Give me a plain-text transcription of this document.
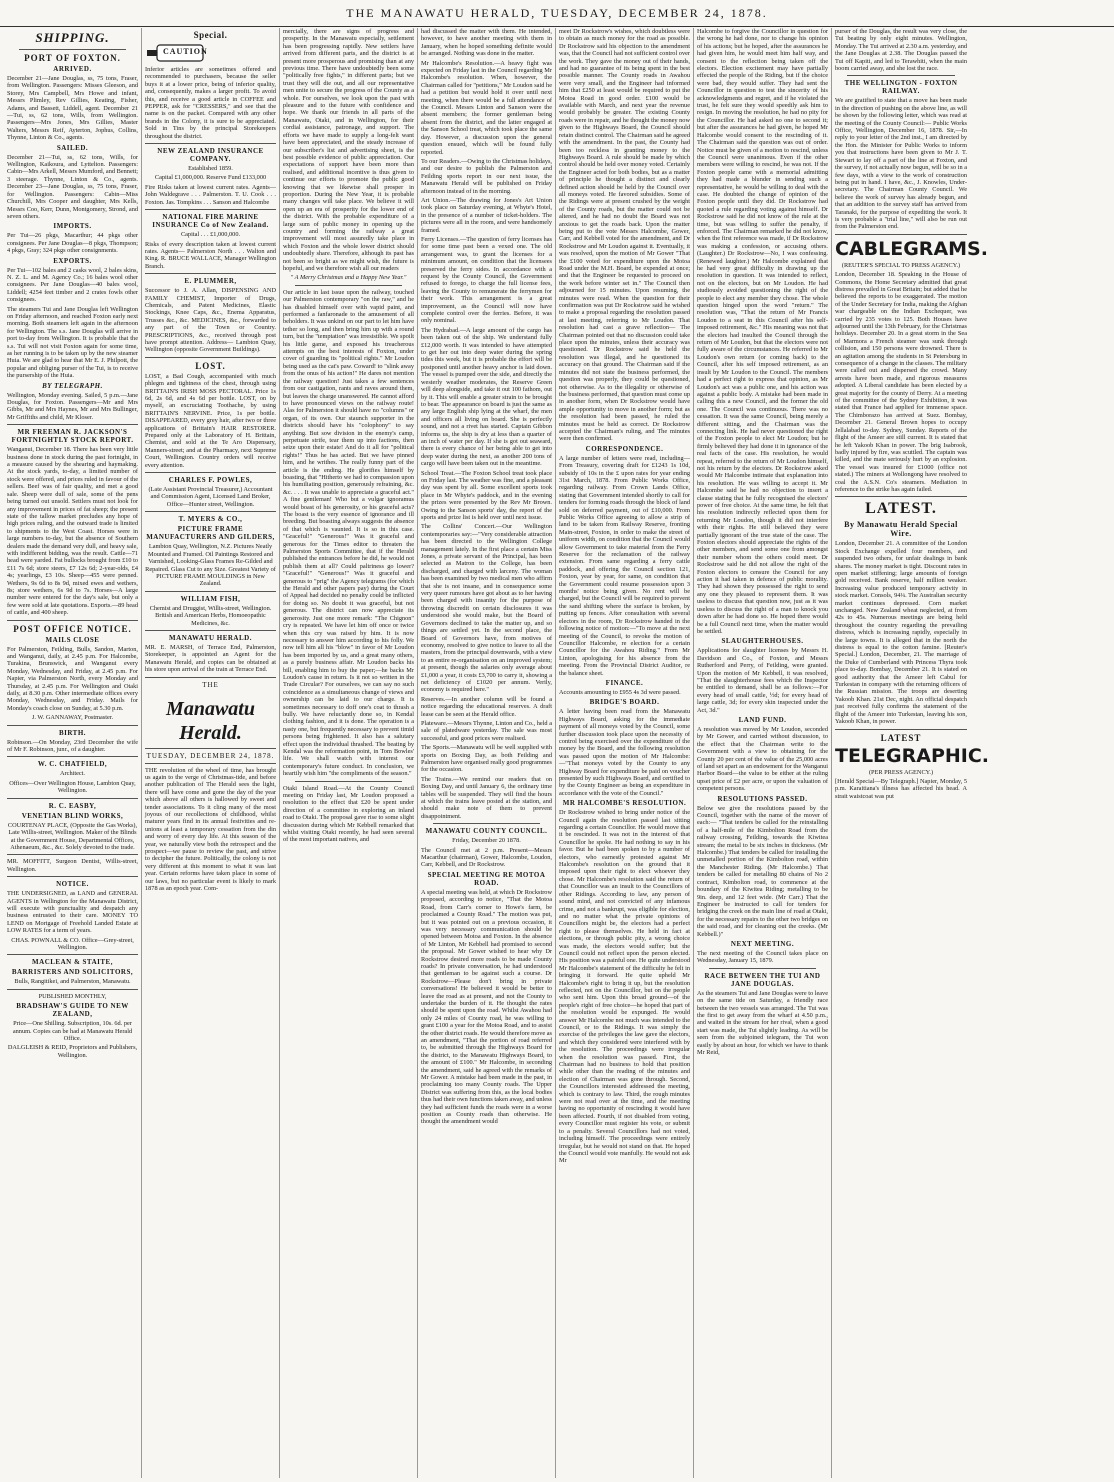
THE MANAWATU HERALD, TUESDAY, DECEMBER 24, 1878.
SHIPPING.
PORT OF FOXTON.
ARRIVED.

December 21—Jane Douglas, ss, 75 tons, Fraser, from Wellington. Passengers: Misses Gleeson, and Storey, Mrs Campbell, Mrs Howe and infant, Messrs Plimley, Rev Gillies, Keating, Fisher, Adams, and Bassett, Liddell, agent. December 21—Tui, ss, 62 tons, Wills, from Wellington. Passengers—Mrs Jones, Mrs Gillies, Master Walters, Messrs Reif, Ayterton, Jophus, Collins, Thynne, Linton & Co., agents.

SAILED.

December 21—Tui, ss, 62 tons, Wills, for Wellington, Kaikoura, and Lyttelton. Passengers: Cabin—Mrs Arkell, Messrs Mumford, and Bennett; 3 steerage. Thynne, Linton & Co., agents. December 23—Jane Douglas, ss, 75 tons, Fraser, for Wellington. Passengers: Cabin—Miss Churchill, Mrs Cooper and daughter, Mrs Kells, Messrs Coo, Kerr, Dunn, Montgomery, Strond, and seven others.

IMPORTS.

Per Tui—26 pkgs, Macarthur; 44 pkgs other consignees. Per Jane Douglas—8 pkgs, Thompson; 4 pkgs, Gray; 324 pkgs other consignments.

EXPORTS.

Per Tui—102 bales and 2 casks wool, 2 bales skins, N. Z. L. and M. Agency Co.; 16 bales wool other consignees. Per Jane Douglas—40 bales wool, Liddell; 4254 feet timber and 2 crates fowls other consignees.

The steamers Tui and Jane Douglas left Wellington on Friday afternoon, and reached Foxton early next morning. Both steamers left again in the afternoon for Wellington. The s.s. Jane Douglas will arrive in port to-day from Wellington. It is probable that the s.s. Tui will not visit Foxton again for some time, as her running is to be taken up by the new steamer Huia. We are glad to hear that Mr E. J. Philpott, the popular and obliging purser of the Tui, is to receive the pursership of the Huia.

BY TELEGRAPH.

Wellington, Monday evening. Sailed, 5 p.m.—Jane Douglas, for Foxton. Passengers—Mr and Mrs Gibbs, Mr and Mrs Haynes, Mr and Mrs Bullinger, Mr Griffiths and child, Mr Kloser.

MR FREEMAN R. JACKSON'S FORTNIGHTLY STOCK REPORT.

Wanganui, December 18. There has been very little business done in stock during the past fortnight, in a measure caused by the shearing and haymaking. At the stock yards, to-day, a limited number of stock were offered, and prices ruled in favour of the sellers. Beef was of fair quality, and met a good sale. Sheep were dull of sale, some of the pens being turned out unsold. Settlers must not look for any improvement in prices of fat sheep; the present state of the tallow market precludes any hope of high prices ruling, and the outward trade is limited to shipments to the West Coast. Horses were in large numbers to-day, but the absence of Southern dealers made the demand very dull, and heavy sale, with indifferent bidding, was the result. Cattle—71 head were yarded. Fat bullocks brought from £10 to £11 7s 6d; store steers, £7 12s 6d; 2-year-olds, £4 4s; yearlings, £3 10s. Sheep—455 were penned. Wethers, 9s 6d to 8s 9d, mixed ewes and wethers, 8s; store wethers, 6s 9d to 7s. Horses—A large number were entered for the day's sale, but only a few were sold at late quotations. Exports.—89 head of cattle, and 400 sheep.

POST OFFICE NOTICE.
MAILS CLOSE

For Palmerston, Feilding, Bulls, Sandon, Marton, and Wanganui, daily, at 2.45 p.m. For Halcombe, Turakina, Brunswick, and Wanganui every Monday, Wednesday, and Friday, at 2.45 p.m. For Napier, via Palmerston North, every Monday and Thursday, at 2.45 p.m. For Wellington and Otaki daily, at 8.30 p.m. Other intermediate offices every Monday, Wednesday, and Friday. Mails for Monday's coach close on Sunday, at 5.30 p.m.

J. W. GANNAWAY, Postmaster.

BIRTH.

Robinson.—On Monday, 23rd December the wife of Mr F. Robinson, junr., of a daughter.

W. C. CHATFIELD,

Architect.

Offices—Over Wellington House, Lambton Quay, Wellington.

R. C. EASBY,
VENETIAN BLIND WORKS,

COURTENAY PLACE, (Opposite the Gas Works), Late Willis-street, Wellington. Maker of the Blinds at the Government House, Departmental Offices, Athenaeum, &c., &c. Solely devoted to the trade.

MR. MOFFITT, Surgeon Dentist, Willis-street, Wellington.

NOTICE.

THE UNDERSIGNED, as LAND and GENERAL AGENTS in Wellington for the Manawatu District, will execute with punctuality and despatch any business entrusted to their care. MONEY TO LEND on Mortgage of Freehold Landed Estate at LOW RATES for a term of years.

CHAS. POWNALL & CO. Office—Grey-street, Wellington.

MACLEAN & STAITE,
BARRISTERS AND SOLICITORS,

Bulls, Rangitikei, and Palmerston, Manawatu.

PUBLISHED MONTHLY,

BRADSHAW'S GUIDE TO NEW ZEALAND,

Price—One Shilling. Subscription, 10s. 6d. per annum. Copies can be had at Manawatu Herald Office.

DALGLEISH & REID, Proprietors and Publishers, Wellington.

Special.
CAUTION

Inferior articles are sometimes offered and recommended to purchasers, because the seller buys it at a lower price, being of inferior quality, and, consequently, makes a larger profit. To avoid this, and receive a good article in COFFEE and PEPPER, ask for "CRESSERS," and see that the name is on the packet. Compared with any other brands in the Colony, it is sure to be appreciated. Sold in Tins by the principal Storekeepers throughout the district.

NEW ZEALAND INSURANCE COMPANY.

Established 1859.

Capital £1,000,000. Reserve Fund £133,000

Fire Risks taken at lowest current rates. Agents— John Waldegrave . . . Palmerston. T. U. Cook . . . Foxton. Jas. Tompkins . . . Sanson and Halcombe

NATIONAL FIRE MARINE INSURANCE Co of New Zealand.

Capital . . . £1,000,000.

Risks of every description taken at lowest current rates. Agents— Palmerston North . . . Walton and King. R. BRUCE WALLACE, Manager Wellington Branch.

E. PLUMMER,

Successor to J. A. Allan, DISPENSING AND FAMILY CHEMIST, Importer of Drugs, Chemicals, and Patent Medicines, Elastic Stockings, Knee Caps, &c., Enema Apparatus, Trusses &c., &c. MEDICINES, &c., forwarded to any part of the Town or Country. PRESCRIPTIONS, &c., received through post have prompt attention. Address— Lambton Quay, Wellington (opposite Government Buildings).

LOST.

LOST, a Bad Cough, accompanied with much phlegm and tightness of the chest, through using BRITTAIN'S IRISH MOSS PECTORAL. Price 1s 6d, 2s 6d, and 4s 6d per bottle. LOST, on by myself, an excruciating Toothache, by using BRITTAIN'S NERVINE. Price, 1s per bottle. DISAPPEARED, every grey hair, after two or three applications of Brittain's HAIR RESTORER. Prepared only at the Laboratory of H. Brittain, Chemist, and sold at the Te Aro Dispensary, Manners-street; and at the Pharmacy, next Supreme Court, Wellington. Country orders will receive every attention.

CHARLES F. POWLES,

(Late Assistant Provincial Treasurer,) Accountant and Commission Agent, Licensed Land Broker, Office—Hunter street, Wellington.

T. MYERS & CO.,
PICTURE FRAME MANUFACTURERS AND GILDERS,

Lambton Quay, Wellington, N.Z. Pictures Neatly Mounted and Framed. Oil Paintings Restored and Varnished, Looking-Glass Frames Re-Gilded and Repaired. Glass Cut to any Size. Greatest Variety of PICTURE FRAME MOULDINGS in New Zealand.

WILLIAM FISH,

Chemist and Druggist, Willis-street, Wellington. British and American Herbs, Homoeopathic Medicines, &c.

MANAWATU HERALD.

MR. E. MARSH, of Terrace End, Palmerston, Storekeeper, is appointed an Agent for the Manawatu Herald, and copies can be obtained at his store upon arrival of the train at Terrace End.

THE
Manawatu Herald.
TUESDAY, DECEMBER 24, 1878.

THE revolution of the wheel of time, has brought us again to the verge of Christmas-tide, and before another publication of The Herald sees the light, there will have come and gone the day of the year which above all others is hallowed by sweet and tender associations. To it cling many of the most joyous of our recollections of childhood, whilst maturer years find in its annual festivities and re-unions at least a temporary cessation from the din and worry of every day life. At this season of the year, we naturally view both the retrospect and the prospect—we pause to review the past, and strive to decipher the future. Politically, the colony is not very different at this moment to what it was last year. Certain reforms have taken place in some of our laws, but no particular event is likely to mark 1878 as an epoch year. Com-

mercially, there are signs of progress and prosperity. In the Manawatu especially, settlement has been progressing rapidly. New settlers have arrived from different parts, and the district is at present more prosperous and promising than at any previous time. There have undoubtedly been some "politically free fights," in different parts; but we trust they will die out, and all our representative men unite to secure the progress of the County as a whole. For ourselves, we look upon the past with pleasure and to the future with confidence and hope. We thank our friends in all parts of the Manawatu, Otaki, and in Wellington, for their cordial assistance, patronage, and support. The efforts we have made to supply a long-felt want have been appreciated, and the steady increase of our subscriber's list and advertising sheet, is the best possible evidence of public appreciation. Our expectations of support have been more than realised, and additional incentive is thus given to continue our efforts to promote the public good knowing that we likewise shall prosper in proportion. During the New Year, it is probable many changes will take place. We believe it will open up an era of prosperity for the lower end of the district. With the probable expenditure of a large sum of public money in opening up the country and forming the railway a great improvement will most assuredly take place in which Foxton and the whole lower district should undoubtedly share. Therefore, although its past has not been so bright as we might wish, the future is hopeful, and we therefore wish all our readers

" A Merry Christmas and a Happy New Year."

Our article in last issue upon the railway, touched our Palmerston contemporary "on the raw," and he has disabled himself over with vapid paint, and performed a fanfaronade to the amusement of all beholders. It was unkind on our part to let him have tether so long, and then bring him up with a round turn, but the "temptation" was irresistible. We spoilt his little game, and exposed his treacherous attempts on the best interests of Foxton, under cover of guarding its "political rights." Mr Loudon being used as the cat's paw. Coward! to "slink away from the onus of his action!" He dares not mention the railway question! Just takes a few sentences from our castigation, rants and raves around them, but leaves the charge unanswered. He cannot afford to have pronounced views on the railway route! Alas for Palmerston it should have no "columns" or organ, of its own. Our staunch supporter in the districts should have his "colophony" to say anything. But sow division in the enemy's camp, perpetuate strife, tear them up into factions, then seize upon their estate! And do it all for "political rights!" Thus he has acted. But we have pinned him, and he writhes. The really funny part of the article is the ending. He glorifies himself by boasting, that "Hitherto we had to compassion upon his humiliating position, generously refraining, &c. &c. . . . It was unable to appreciate a graceful act." A fine gentleman! Who but a vulgar ignoramus would boast of his generosity, or his graceful acts? The boast is the very essence of ignorance and ill breeding. But boasting always suggests the absence of that which is vaunted. It is so in this case. "Graceful!" "Generous!" Was it graceful and generous for the Times editor to threaten the Palmerston Sports Committee, that if the Herald published the entrances before he did, he would not publish them at all? Could paltriness go lower? "Graceful!" "Generous!" Was it graceful and generous to "prig" the Agency telegrams (for which the Herald and other papers pay) during the Court of Appeal had decided no penalty could be inflicted for doing so. No doubt it was graceful, but not generous. The district can now appreciate its generosity. Just one more remark: "The Chignon" cry is repeated. We have let him off once or twice when this cry was raised by him. It is now necessary to answer him according to his folly. We now tell him all his "blow" in favor of Mr Loudon has been imported by us, and a great many others, as a purely business affair. Mr Loudon backs his bill, enabling him to buy the paper;—he backs Mr Loudon's cause in return. Is it not so written in the Trade Circular? For ourselves, we can say no such coincidence as a simultaneous change of views and ownership can be laid to our charge. It is sometimes necessary to doff one's coat to thrash a bully. We have reluctantly done so, in Kendal clothing fashion, and it is done. The operation is a nasty one, but frequently necessary to prevent timid persons being frightened. It also has a salutary effect upon the individual thrashed. The beating by Kendal was the reformation point, in Tom Bowles' life. We shall watch with interest our contemporary's future conduct. In conclusion, we heartily wish him "the compliments of the season."

Otaki Island Road.—At the County Council meeting on Friday last, Mr Loudon proposed a resolution to the effect that £20 be spent under direction of a committee in exploring an inland road to Otaki. The proposal gave rise to some slight discussion during which Mr Kebbell remarked that whilst visiting Otaki recently, he had seen several of the most important natives, and

had discussed the matter with them. He intended, however, to have another meeting with them in January, when he hoped something definite would be arranged. Nothing was done in the matter.

Mr Halcombe's Resolution.—A heavy fight was expected on Friday last in the Council regarding Mr Halcombe's resolution. When, however, the Chairman called for "petitions," Mr Loudon said he had a petition but would hold it over until next meeting, when there would be a full attendance of the Council. Messrs Linton and Sanson were the absent members; the former gentleman being absent from the district, and the latter engaged at the Sanson School treat, which took place the same day. However, a discussion upon the general question ensued, which will be found fully reported.

To our Readers.—Owing to the Christmas holidays, and our desire to publish the Palmerston and Feilding sports report in our next issue, the Manawatu Herald will be published on Friday afternoon instead of in the morning.

Art Union.—The drawing for Jones's Art Union took place on Saturday evening, at Whyte's Hotel, in the presence of a number of ticket-holders. The pictures were all in the room, and were handsomely framed.

Ferry Licenses.—The question of ferry licenses has for some time past been a vexed one. The old arrangement was, to grant the licenses for a minimum amount, on condition that the licensees preserved the ferry sides. In accordance with a request by the County Council, the Government refused to forego, to charge the full license fees, leaving the County to remunerate the ferrymen for their work. This arrangement is a great improvement, as the Council will now have complete control over the ferries. Before, it was only nominal.

The Hydrabad.—A large amount of the cargo has been taken out of the ship. We understand fully £12,000 worth. It was intended to have attempted to get her out into deep water during the spring tides this week, but it is probable the effort will be postponed until another heavy anchor is laid down. The vessel is pumped over the side, and directly the westerly weather moderates, the Reserve Green will deep alongside, and take it out 100 fathom, out by it. This will enable a greater strain to be brought to bear. The appearance on board is just the same as any large English ship lying at the wharf, the men and officers all living on board. She is perfectly sound, and not a rivet has started. Captain Gibbon informs us, the ship is dry at less than a quarter of an inch of water per day. If she is got out seaward, there is every chance of her being able to get into deep water during the next, as another 200 tons of cargo will have been taken out in the meantime.

School Treat.—The Foxton School treat took place on Friday last. The weather was fine, and a pleasant day was spent by all. Some excellent sports took place in Mr Whyte's paddock, and in the evening the prizes were presented by the Rev Mr Brown. Owing to the Sanson sports' day, the report of the sports and prize list is held over until next issue.

The Collins' Concert.—Our Wellington contemporaries say:—"Very considerable attraction has been directed to the Wellington College management lately. In the first place a certain Miss Jones, a private servant of the Principal, has been selected as Matron to the College, has been discharged, and charged with larceny. The woman has been examined by two medical men who affirm that she is not insane, and in consequence some very queer rumours have got about as to her having been charged with insanity for the purpose of throwing discredit on certain disclosures it was understood she would make, but the Board of Governors declined to take the matter up, and so things are settled yet. In the second place, the Board of Governors have, from motives of economy, resolved to give notice to leave to all the masters, from the principal downwards, with a view to an entire re-organisation on an improved system; at present, though the salaries only average about £1,000 a year, it costs £3,700 to carry it, showing a net deficiency of £1020 per annum. Verily, economy is required here."

Reserves.—In another column will be found a notice regarding the educational reserves. A draft lease can be seen at the Herald office.

Plateware.—Messrs Thynne, Linton and Co., held a sale of platedware yesterday. The sale was most successful, and good prices were realised.

The Sports.—Manawatu will be well supplied with sports on Boxing Day, as both Feilding and Palmerston have organised really good programmes for the occasion.

The Trains.—We remind our readers that on Boxing Day, and until January 6, the ordinary time tables will be suspended. They will find the hours at which the trains leave posted at the station, and should make note of them to prevent disappointment.

MANAWATU COUNTY COUNCIL.

Friday, December 20 1878.

The Council met at 2 p.m. Present—Messrs Macarthur (chairman), Gower, Halcombe, Loudon, Carr, Kebbell, and Dr Rockstrow.

SPECIAL MEETING RE MOTOA ROAD.

A special meeting was held, at which Dr Rockstrow proposed, according to notice, "That the Motoa Road, from Carr's corner to Howe's farm, be proclaimed a County Road." The motion was put, but it was pointed out on a previous occasion, it was very necessary communication should be opened between Motoa and Foxton. In the absence of Mr Linton, Mr Kebbell had promised to second the proposal. Mr Gower wished to hear why Dr Rockstrow desired more roads to be made County roads? In private conversation, he had understood that gentleman to be against such a course. Dr Rockstrow—Please don't bring in private conversations! He believed it would be better to leave the road as at present, and not the County to undertake the burden of it. He thought the rates should be spent upon the road. Whilst Awahou had only 24 miles of County road, he was willing to grant £100 a year for the Motoa Road, and to assist the other district roads. He would therefore move as an amendment, "That the portion of road referred to, be submitted through the Highways Board for the district, to the Manawatu Highways Board, to the amount of £100." Mr Halcombe, in seconding the amendment, said he agreed with the remarks of Mr Gower. A mistake had been made in the past, in proclaiming too many County roads. The Upper District was suffering from this, as the local bodies thus had their own functions taken away, and unless they had sufficient funds the roads were in a worse position as County roads than otherwise. He thought the amendment would

meet Dr Rockstrow's wishes, which doubtless were to obtain as much money for the road as possible. Dr Rockstrow said his objection to the amendment was, that the Council had not sufficient control over the work. They gave the money out of their hands, and had no guarantee of its being spent in the best possible manner. The County roads in Awahou were very small, and the Engineer had informed him that £250 at least would be required to put the Motoa Road in good order. £100 would be available with March, and next year the revenue would probably be greater. The existing County roads were in repair, and he thought the money now given to the Highways Board, the Council should retain distinct control. The Chairman said he agreed with the amendment. In the past, the County had been too reckless in granting money to the Highways Board. A rule should be made by which control should be held over money voted. Certainly the Engineer acted for both bodies, but as a matter of principle he thought a distinct and clearly defined action should be held by the Council over all moneys voted. He favored subsidies. Some of the Ridings were at present crushed by the weight of the County roads, but the matter could not be altered, and he had no doubt the Board was not anxious to get the roads back. Upon the matter being put to the vote Messrs Halcombe, Gower, Carr, and Kebbell voted for the amendment, and Dr Rockstrow and Mr Loudon against it. Eventually, it was resolved, upon the motion of Mr Gower "That the £100 voted for expenditure upon the Motoa Road under the M.H. Board, be expended at once; and that the Engineer be requested to proceed on the work before winter set in." The Council then adjourned for 15 minutes. Upon resuming, the minutes were read. When the question for their confirmation was put Dr Rockstrow said he wished to make a proposal regarding the resolution passed at last meeting, referring to Mr Loudon. That resolution had cast a grave reflection— The Chairman pointed out that no discussion could take place upon the minutes, unless their accuracy was questioned. Dr Rockstrow said he held the resolution was illegal, and he questioned its accuracy on that ground. The Chairman said if the minutes did not state the business performed, the question was properly, they could be questioned, not otherwise. As to the illegality or otherwise of the business performed, that question must come up in another form, when Dr Rockstrow would have ample opportunity to move in another form; but as the resolution had been passed, he ruled the minutes must be held as correct. Dr Rockstrow accepted the Chairman's ruling, and The minutes were then confirmed.

CORRESPONDENCE.

A large number of letters were read, including— From Treasury, covering draft for £1243 1s 10d, subsidy of 10s in the £ upon rates for year ending 31st March, 1878. From Public Works Office, regarding railway. From Crown Lands Office, stating that Government intended shortly to call for tenders for forming roads through the block of land sold on deferred payment, out of £10,000. From Public Works Office agreeing to allow a strip of land to be taken from Railway Reserve, fronting Main-street, Foxton, in order to make the street of uniform width, on condition that the Council would allow Government to take material from the Ferry Reserve for the reclamation of the railway extension. From same regarding a ferry cattle paddock, and offering the Council section 121, Foxton, year by year, for same, on condition that the Government could resume possession upon 3 months' notice being given. No rent will be charged, but the Council will be required to prevent the sand shifting where the surface is broken, by putting up fences. After consultation with several electors in the room, Dr Rockstrow handed in the following notice of motion:—"To move at the next meeting of the Council, to revoke the motion of Councillor Halcombe, re election for a certain Councillor for the Awahou Riding." From Mr Linton, apologising for his absence from the meeting. From the Provincial District Auditor, re the balance sheet.

FINANCE.

Accounts amounting to £955 4s 3d were passed.

BRIDGE'S BOARD.

A letter having been read from the Manawatu Highways Board, asking for the immediate payment of all moneys voted by the Council, some further discussion took place upon the necessity of control being exercised over the expenditure of the money by the Board, and the following resolution was passed upon the motion of Mr Halcombe:—"That moneys voted by the County to any Highway Board for expenditure be paid on voucher presented by such Highways Board, and certified to by the County Engineer as being an expenditure in accordance with the vote of the Council."

MR HALCOMBE'S RESOLUTION.

Dr Rockstrow wished to bring under notice of the Council again the resolution passed last sitting regarding a certain Councillor. He would move that it be rescinded. It was not in the interest of that Councillor he spoke. He had nothing to say in his favor. But he had been spoken to by a number of electors, who earnestly protested against Mr Halcombe's resolution on the ground that it imposed upon their right to elect whoever they chose. Mr Halcombe's resolution said the return of that Councillor was an insult to the Councillors of other Ridings. According to law, any person of sound mind, and not convicted of any infamous crime, and not a bankrupt, was eligible for election, and no matter what the private opinions of Councillors might be, the electors had a perfect right to please themselves. He held in fact at elections, or through public pity, a wrong choice was made, the electors would suffer; but the Council could not reflect upon the person elected. His position was a painful one. He quite understood Mr Halcombe's statement of the difficulty he felt in bringing it forward. He quite upheld Mr Halcombe's right to bring it up, but the resolution reflected, not on the Councillor, but on the people who sent him. Upon this broad ground—of the people's right of free choice—he hoped that part of the resolution would be expunged. He would answer Mr Halcombe not much was intended to the Council, or to the Ridings. It was simply the exercise of the privileges the law gave the electors, and which they considered were interfered with by the resolution. The proceedings were irregular when the resolution was passed. First, the Chairman had no business to hold that position while other than the reading of the minutes and election of Chairman was gone through. Second, the Councillors interested addressed the meeting, which is contrary to law. Third, the rough minutes were not read over at the time, and the meeting having no opportunity of rescinding it would have been affected. Fourth, if not disabled from voting, every Councillor must register his vote, or submit to a penalty. Several Councillors had not voted, including himself. The proceedings were entirely irregular, but he would not stand on that. He hoped the Council would vote manfully. He would not ask Mr

Halcombe to forgive the Councillor in question for the wrong he had done, nor to change his opinion of his actions; but he hoped, after the assurances he had given him, he would meet him half way, and consent to the reflection being taken off the electors. Election excitement may have partially effected the people of the Riding, but if the choice were bad, they would suffer. They had sent the Councillor in question to test the sincerity of his acknowledgments and regret, and if he violated the trust, he felt sure they would speedily ask him to resign. In moving the resolution, he had no pity for the Councillor. He had asked no one to second it; but after the assurances he had given, he hoped Mr Halcombe would consent to the rescinding of it. The Chairman said the question was out of order. Notice must be given of a motion to rescind, unless the Council were unanimous. Even if the other members were willing to rescind, he was not. If the Foxton people came with a memorial admitting they had made a blunder in sending such a representative, he would be willing to deal with the case. He doubted the change of opinion of the Foxton people until they did. Dr Rockstrow had quoted a rule regarding voting against himself. Dr Rockstrow said he did not know of the rule at the time, but was willing to suffer the penalty, if enforced. The Chairman remarked he did not know, when the first reference was made, if Dr Rockstrow was making a confession, or accusing others. (Laughter.) Dr Rockstrow—No, I was confessing. (Renewed laughter.) Mr Halcombe explained that he had very great difficulty in drawing up the resolution in question. It was intended to reflect, not on the electors, but on Mr Loudon. He had studiously avoided questioning the right of the people to elect any member they chose. The whole question hinged upon the word "return." The resolution was, "That the return of Mr Francis Loudon to a seat in this Council after his self-imposed retirement, &c." His meaning was not that the electors had insulted the Council through the return of Mr Loudon, but that the electors were not fully aware of the circumstances. He referred to Mr Loudon's own return (or coming back) to the Council, after his self imposed retirement, as an insult by Mr Loudon to the Council. The members had a perfect right to express that opinion, as Mr Loudon's act was a public one, and his action was against a public body. A mistake had been made in calling this a new Council, and the former the old one. The Council was continuous. There was no cessation. It was the same Council, being merely a different sitting, and the Chairman was the connecting link. He had never questioned the right of the Foxton people to elect Mr Loudon; but he firmly believed they had done it in ignorance of the real facts of the case. His resolution, he would repeat, referred to the return of Mr Loudon himself, not his return by the electors. Dr Rockstrow asked would Mr Halcombe intimate that explanation into his resolution. He was willing to accept it. Mr Halcombe said he had no objection to insert a clause stating that he fully recognised the electors' power of free choice. At the same time, he felt that his resolution indirectly reflected upon them for returning Mr Loudon, though it did not interfere with their rights. He still believed they were partially ignorant of the true state of the case. The Foxton electors should appreciate the rights of the other members, and send some one from amongst their number whom the others could meet. Dr Rockstrow said he did not allow the right of the Foxton electors to censure the Council for any action it had taken in defence of public morality. They had shown they possessed the right to send any one they pleased to represent them. It was useless to discuss that question now, just as it was useless to discuss the right of a man to knock you down after he had done so. He hoped there would be a full Council next time, when the matter would be settled.

SLAUGHTERHOUSES.

Applications for slaughter licenses by Messrs H. Davidson and Co., of Foxton, and Messrs Rutherford and Perry, of Feilding, were granted. Upon the motion of Mr Kebbell, it was resolved, "That the slaughterhouse fees which the Inspector be entitled to demand, shall be as follows:—For every head of small cattle, ½d; for every head of large cattle, 3d; for every skin inspected under the Act, 3d."

LAND FUND.

A resolution was moved by Mr Loudon, seconded by Mr Gower, and carried without discussion, to the effect that the Chairman write to the Government with a view to obtaining for the County 20 per cent of the value of the 25,000 acres of land set apart as an endowment for the Wanganui Harbor Board—the value to be either at the ruling upset price of £2 per acre, or upon the valuation of competent persons.

RESOLUTIONS PASSED.

Below we give the resolutions passed by the Council, together with the name of the mover of each:— "That tenders be called for the reinstalling of a half-mile of the Kimbolton Road from the railway crossing, Feilding, towards the Kiwitea stream; the metal to be six inches in thickness. (Mr Halcombe.) That tenders be called for installing the unmetalled portion of the Kimbolton road, within the Manchester Riding. (Mr Halcombe.) That tenders be called for metalling 80 chains of No 2 contract, Kimbolton road, to commence at the boundary of the Kiwitea Riding; metalling to be 9in. deep, and 12 feet wide. (Mr Carr.) That the Engineer be instructed to call for tenders for bridging the creek on the main line of road at Otaki, for the necessary repairs to the other two bridges on the said road, and for cleaning out the creeks. (Mr Kebbell.)"

NEXT MEETING.

The next meeting of the Council takes place on Wednesday, January 15, 1879.

RACE BETWEEN THE TUI AND JANE DOUGLAS.

As the steamers Tui and Jane Douglas were to leave on the same tide on Saturday, a friendly race between the two vessels was arranged. The Tui was the first to get away from the wharf at 4.50 p.m., and waited in the stream for her rival, when a good start was made, the Tui slightly leading. As will be seen from the subjoined telegram, the Tui won easily by about an hour, for which we have to thank Mr Reid,

purser of the Douglas, the result was very close, the Tui beating by only eight minutes. Wellington, Monday. The Tui arrived at 2.30 a.m. yesterday, and the Jane Douglas at 2.38. The Douglas passed the Tui off Kapiti, and led to Terawhiti, when the main boom carried away, and she lost the race.

THE WELLINGTON - FOXTON RAILWAY.

We are gratified to state that a move has been made in the direction of pushing on the above line, as will be shown by the following letter, which was read at the meeting of the County Council:— Public Works Office, Wellington, December 16, 1878. Sir,—In reply to your letter of the 2nd inst., I am directed by the Hon. the Minister for Public Works to inform you that instructions have been given to Mr J. T. Stewart to lay off a part of the line at Foxton, and the survey, if not actually now begun, will be so in a few days, with a view to the work of construction being put in hand. I have, &c., J. Knowles, Under-secretary. The Chairman County Council. We believe the work of survey has already begun, and that an addition to the survey staff has arrived from Taranaki, for the purpose of expediting the work. It is very probable a "trial line," will also be run out from the Palmerston end.

CABLEGRAMS.

(REUTER'S SPECIAL TO PRESS AGENCY.)

London, December 18. Speaking in the House of Commons, the Home Secretary admitted that great distress prevailed in Great Britain; but added that he believed the reports to be exaggerated. The motion of the Under Secretary for India, making the Afghan war chargeable on the Indian Exchequer, was carried by 235 votes to 125. Both Houses have adjourned until the 13th February, for the Christmas holidays. December 20. In a great storm in the Sea of Marmora a French steamer was sunk through collision, and 150 persons were drowned. There is an agitation among the students in St Petersburg in consequence of a change in the classes. The military were called out and dispersed the crowd. Many arrests have been made, and rigorous measures adopted. A Liberal candidate has been elected by a great majority for the county of Derry. At a meeting of the committee of the Sydney Exhibition, it was stated that France had applied for immense space. The Chimborazo has arrived at Suez. Bombay, December 21. General Brown hopes to occupy Jellalabad to-day. Sydney, Sunday. Reports of the flight of the Ameer are still current. It is stated that he left Yakoob Khan in power. The brig Isabrook, badly injured by fire, was scuttled. The captain was killed, and the mate seriously hurt by an explosion. The vessel was insured for £1000 (office not stated.) The miners at Wollongong have resolved to coal the A.S.N. Co's steamers. Mediation in reference to the strike has again failed.

LATEST.
By Manawatu Herald Special Wire.

London, December 21. A committee of the London Stock Exchange expelled four members, and suspended two others, for unfair dealings in bank shares. The money market is tight. Discount rates in open market stiffening; large amounts of foreign gold received. Bank reserve, half million weaker. Increasing value produced temporary activity in stock market. Consols, 94¼. The Australian security market continues depressed. Corn market unchanged. New Zealand wheat neglected, at from 42s to 45s. Numerous meetings are being held throughout the country regarding the prevailing distress, which is increasing rapidly, especially in the large towns. It is alleged that in the north the distress is equal to the cotton famine. [Reuter's Special.] London, December, 21. The marriage of the Duke of Cumberland with Princess Thyra took place to-day. Bombay, December 21. It is stated on good authority that the Ameer left Cabul for Turkestan in company with the returning officers of the Russian mission. The troops are deserting Yakoob Khan. 21st Dec, night. An official despatch just received fully confirms the statement of the flight of the Ameer into Turkestan, leaving his son, Yakoob Khan, in power.

LATEST
TELEGRAPHIC.

(PER PRESS AGENCY.)

[Herald Special—By Telegraph.] Napier, Monday, 5 p.m. Karaitiana's illness has affected his head. A strait waistcoat was put
